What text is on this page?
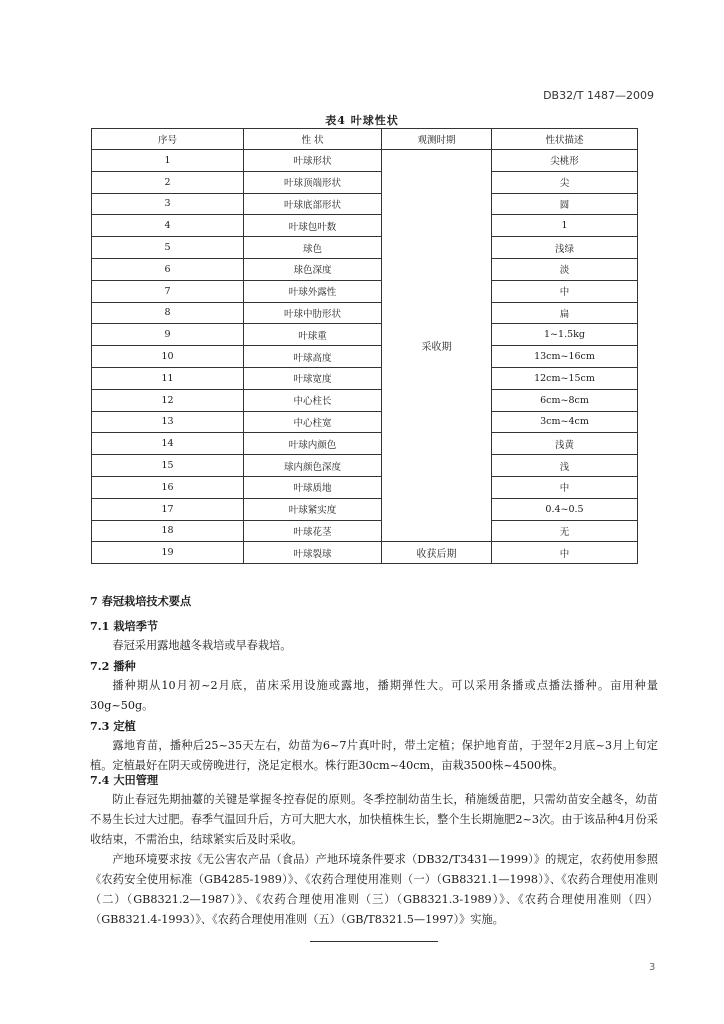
DB32/T 1487—2009
表4 叶球性状
序号	性 状	观测时期	性状描述
1	叶球形状	采收期	尖桃形
2	叶球顶端形状		尖
3	叶球底部形状		圆
4	叶球包叶数		1
5	球色		浅绿
6	球色深度		淡
7	叶球外露性		中
8	叶球中肋形状		扁
9	叶球重		1~1.5kg
10	叶球高度		13cm~16cm
11	叶球宽度		12cm~15cm
12	中心柱长		6cm~8cm
13	中心柱宽		3cm~4cm
14	叶球内颜色		浅黄
15	球内颜色深度		浅
16	叶球质地		中
17	叶球紧实度		0.4~0.5
18	叶球花茎		无
19	叶球裂球	收获后期	中
7 春冠栽培技术要点
7.1 栽培季节
春冠采用露地越冬栽培或早春栽培。
7.2 播种
播种期从10月初~2月底，苗床采用设施或露地，播期弹性大。可以采用条播或点播法播种。亩用种量30g~50g。
7.3 定植
露地育苗，播种后25~35天左右，幼苗为6~7片真叶时，带土定植；保护地育苗，于翌年2月底~3月上旬定植。定植最好在阴天或傍晚进行，浇足定根水。株行距30cm~40cm，亩栽3500株~4500株。
7.4 大田管理
防止春冠先期抽薹的关键是掌握冬控春促的原则。冬季控制幼苗生长，稍施缓苗肥，只需幼苗安全越冬，幼苗不易生长过大过肥。春季气温回升后，方可大肥大水，加快植株生长，整个生长期施肥2~3次。由于该品种4月份采收结束，不需治虫，结球紧实后及时采收。
产地环境要求按《无公害农产品（食品）产地环境条件要求（DB32/T3431—1999）》的规定，农药使用参照《农药安全使用标准（GB4285-1989）》、《农药合理使用准则（一）（GB8321.1—1998）》、《农药合理使用准则（二）（GB8321.2—1987）》、《农药合理使用准则（三）（GB8321.3-1989）》、《农药合理使用准则（四）（GB8321.4-1993）》、《农药合理使用准则（五）（GB/T8321.5—1997）》实施。
3
